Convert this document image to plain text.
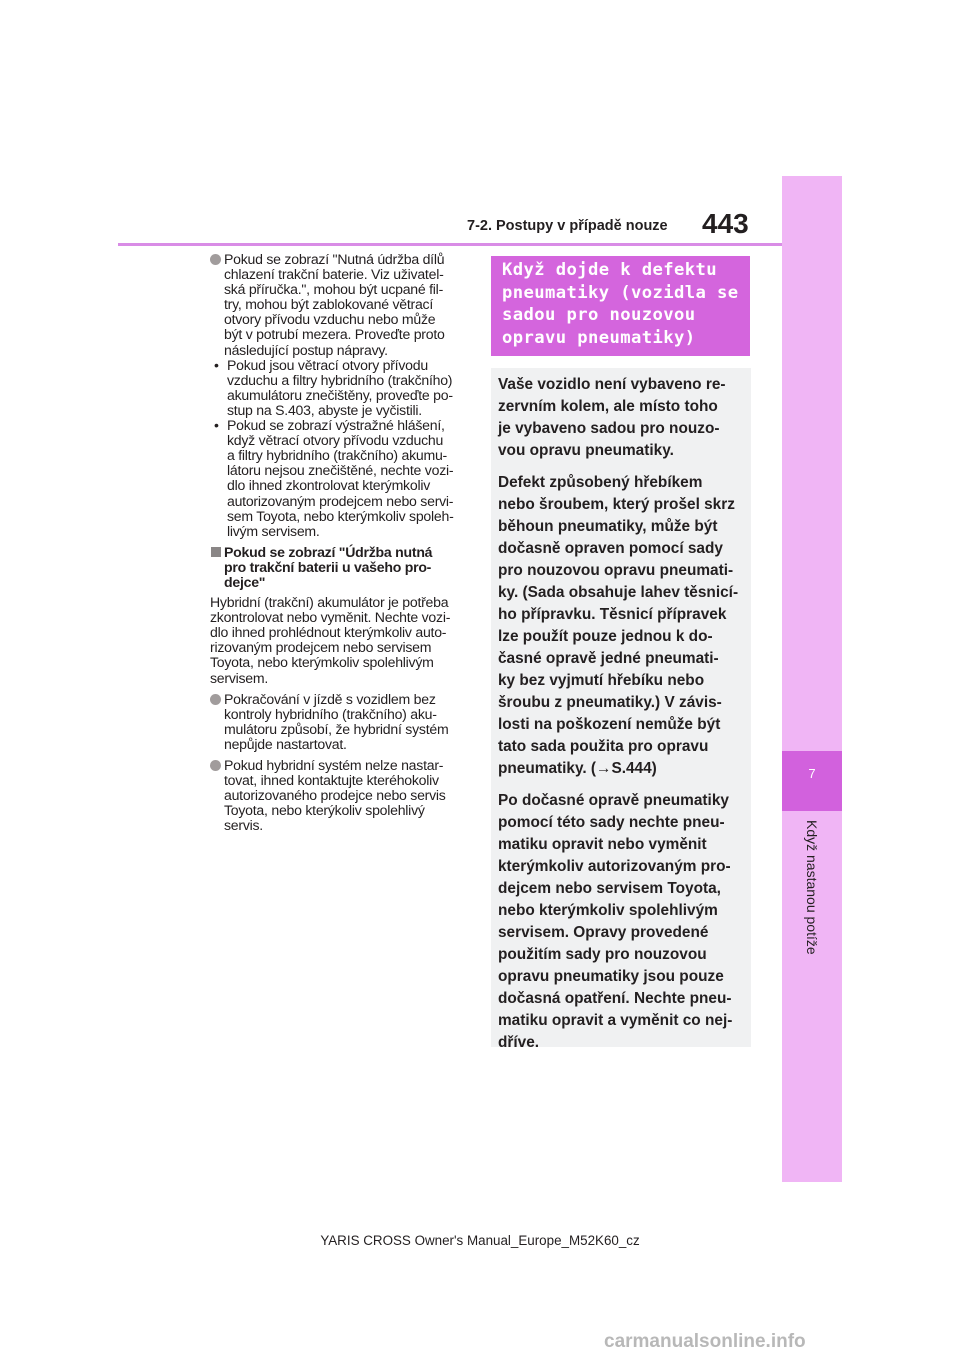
7-2. Postupy v případě nouze 443
7
Když nastanou potíže
Pokud se zobrazí "Nutná údržba dílů
chlazení trakční baterie. Viz uživatel-
ská příručka.", mohou být ucpané fil-
try, mohou být zablokované větrací
otvory přívodu vzduchu nebo může
být v potrubí mezera. Proveďte proto
následující postup nápravy.
• Pokud jsou větrací otvory přívodu
vzduchu a filtry hybridního (trakčního)
akumulátoru znečištěny, proveďte po-
stup na S.403, abyste je vyčistili.
• Pokud se zobrazí výstražné hlášení,
když větrací otvory přívodu vzduchu
a filtry hybridního (trakčního) akumu-
látoru nejsou znečištěné, nechte vozi-
dlo ihned zkontrolovat kterýmkoliv
autorizovaným prodejcem nebo servi-
sem Toyota, nebo kterýmkoliv spoleh-
livým servisem.
Pokud se zobrazí "Údržba nutná
pro trakční baterii u vašeho pro-
dejce"
Hybridní (trakční) akumulátor je potřeba
zkontrolovat nebo vyměnit. Nechte vozi-
dlo ihned prohlédnout kterýmkoliv auto-
rizovaným prodejcem nebo servisem
Toyota, nebo kterýmkoliv spolehlivým
servisem.
Pokračování v jízdě s vozidlem bez
kontroly hybridního (trakčního) aku-
mulátoru způsobí, že hybridní systém
nepůjde nastartovat.
Pokud hybridní systém nelze nastar-
tovat, ihned kontaktujte kteréhokoliv
autorizovaného prodejce nebo servis
Toyota, nebo kterýkoliv spolehlivý
servis.
Když dojde k defektu
pneumatiky (vozidla se
sadou pro nouzovou
opravu pneumatiky)

Vaše vozidlo není vybaveno re-
zervním kolem, ale místo toho
je vybaveno sadou pro nouzo-
vou opravu pneumatiky.

Defekt způsobený hřebíkem
nebo šroubem, který prošel skrz
běhoun pneumatiky, může být
dočasně opraven pomocí sady
pro nouzovou opravu pneumati-
ky. (Sada obsahuje lahev těsnicí-
ho přípravku. Těsnicí přípravek
lze použít pouze jednou k do-
časné opravě jedné pneumati-
ky bez vyjmutí hřebíku nebo
šroubu z pneumatiky.) V závis-
losti na poškození nemůže být
tato sada použita pro opravu
pneumatiky. (→S.444)

Po dočasné opravě pneumatiky
pomocí této sady nechte pneu-
matiku opravit nebo vyměnit
kterýmkoliv autorizovaným pro-
dejcem nebo servisem Toyota,
nebo kterýmkoliv spolehlivým
servisem. Opravy provedené
použitím sady pro nouzovou
opravu pneumatiky jsou pouze
dočasná opatření. Nechte pneu-
matiku opravit a vyměnit co nej-
dříve.

YARIS CROSS Owner's Manual_Europe_M52K60_cz
carmanualsonline.info
